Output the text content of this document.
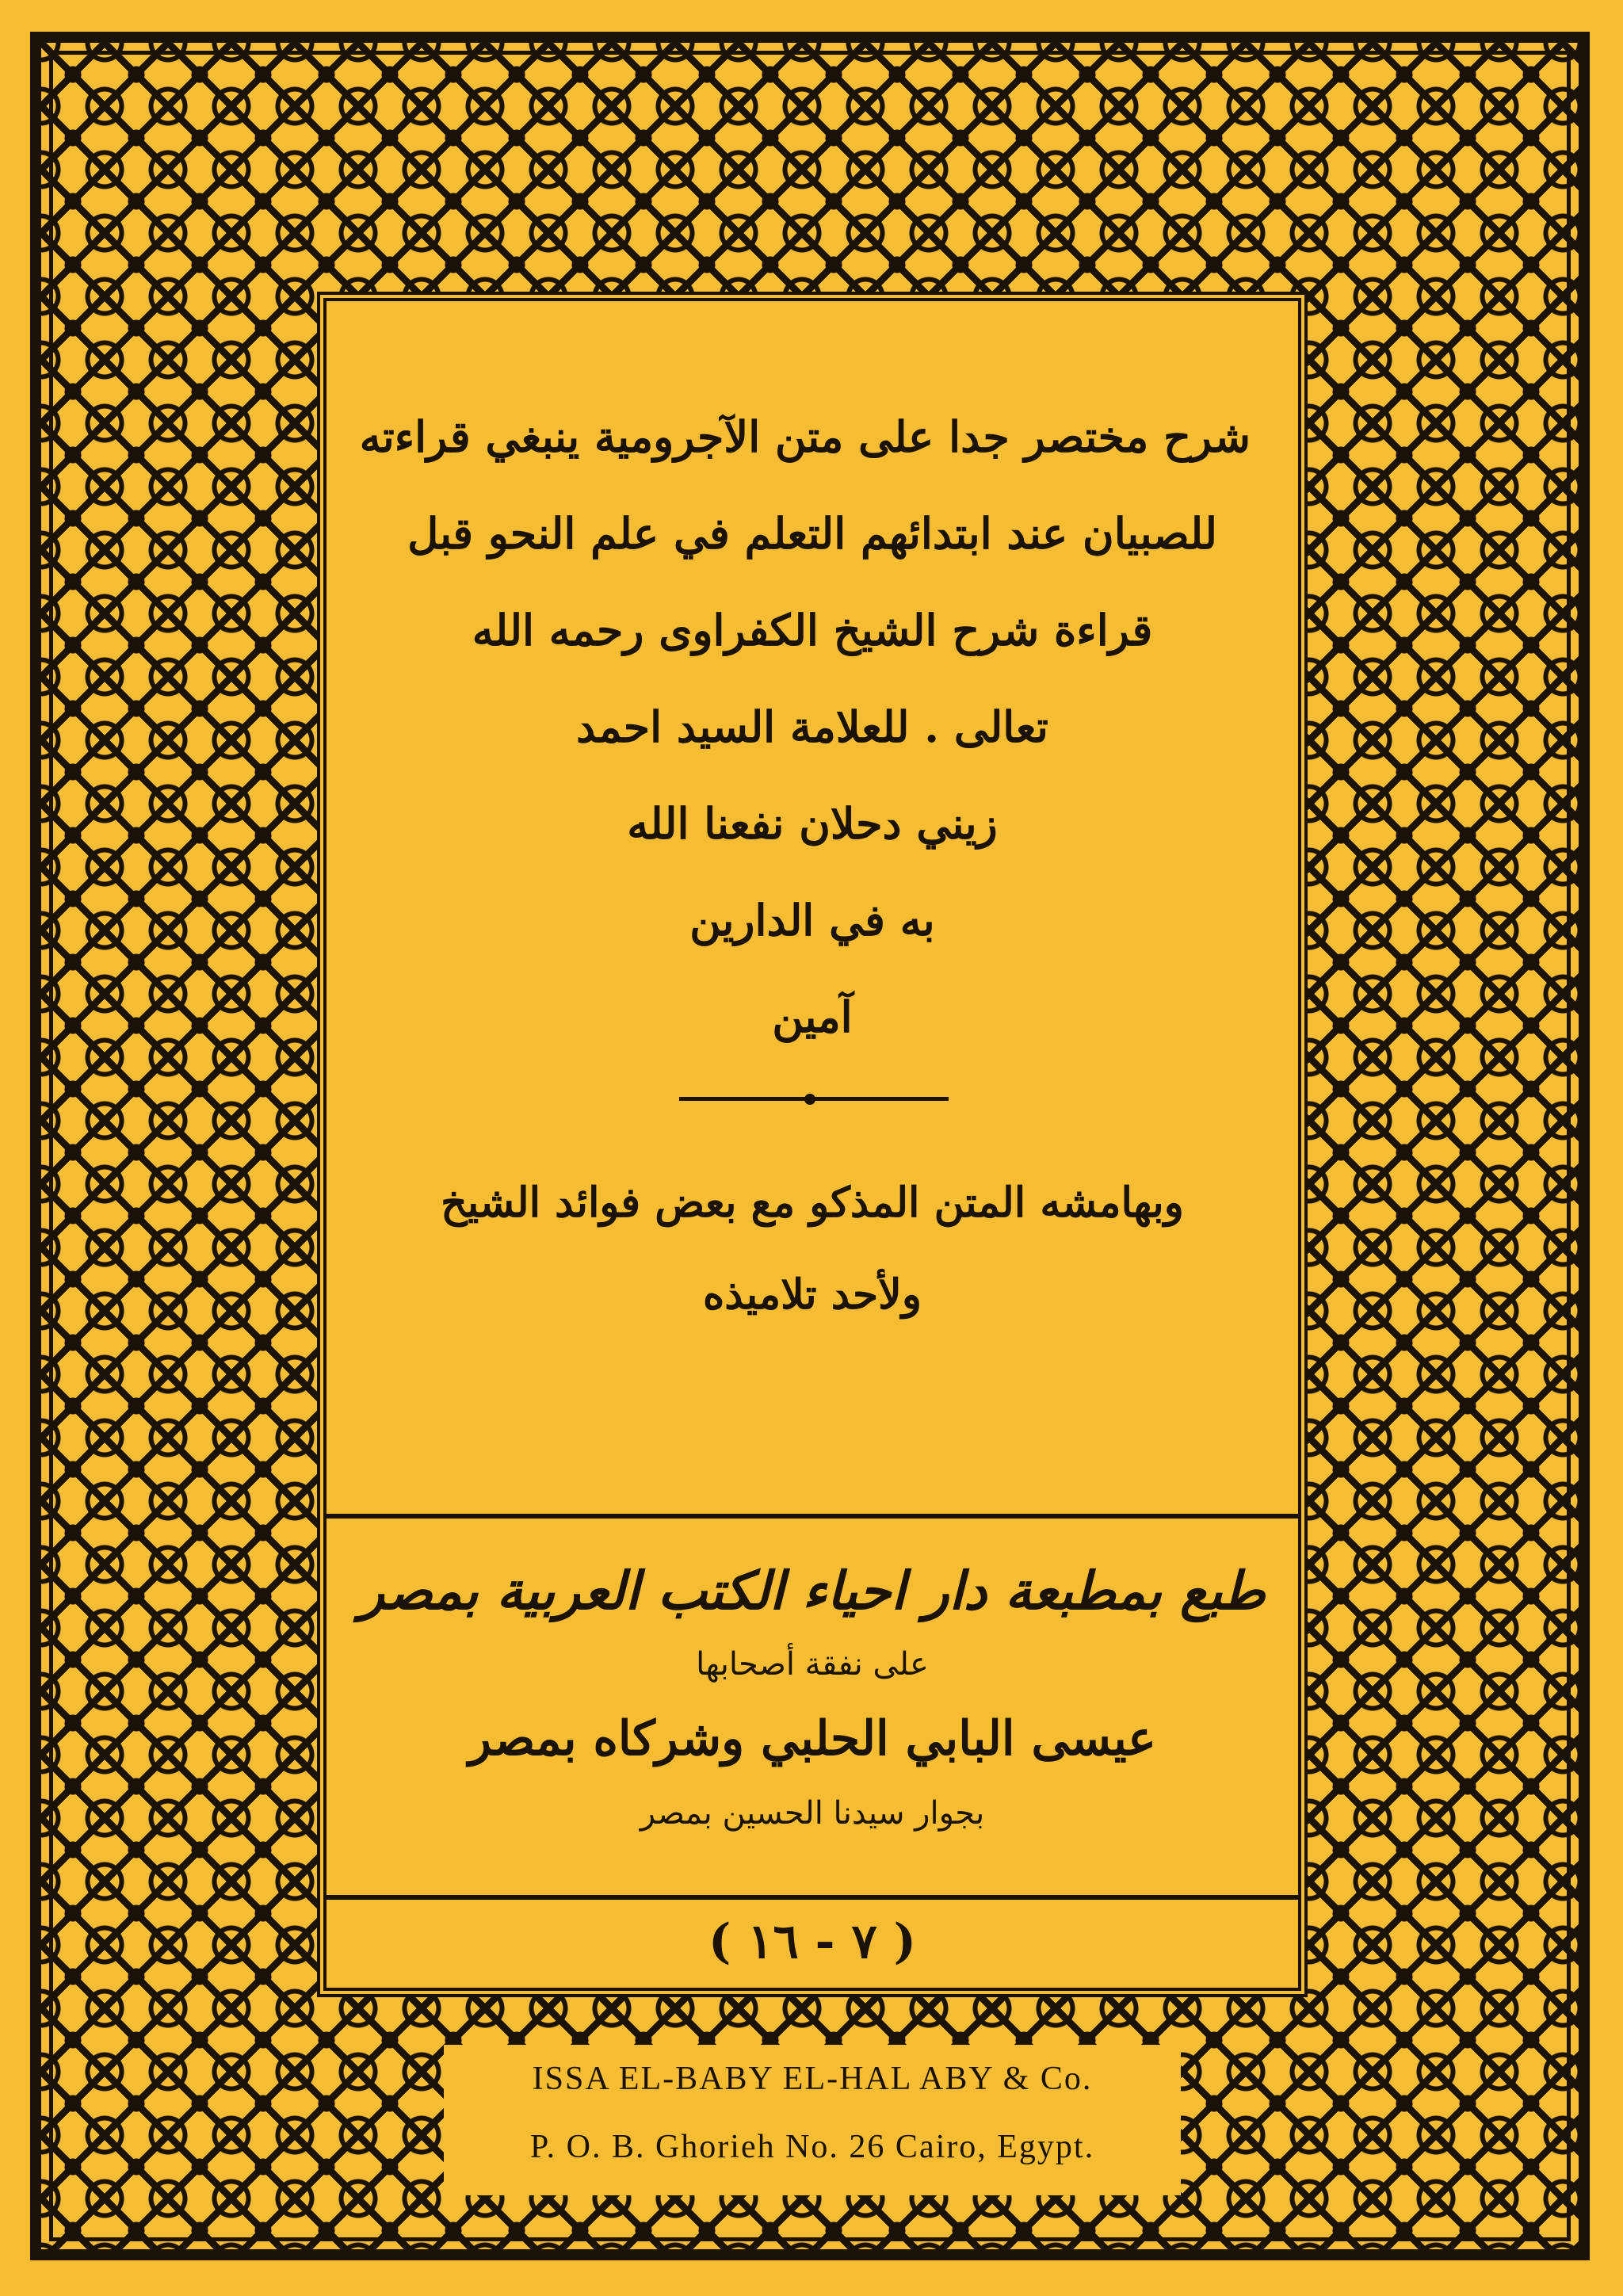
شرح مختصر جدا على متن الآجرومية ينبغي قراءته
للصبيان عند ابتدائهم التعلم في علم النحو قبل
قراءة شرح الشيخ الكفراوى رحمه الله
تعالى . للعلامة السيد احمد
زيني دحلان نفعنا الله
به في الدارين
آمين
وبهامشه المتن المذكو مع بعض فوائد الشيخ
ولأحد تلاميذه
طبع بمطبعة دار احياء الكتب العربية بمصر
على نفقة أصحابها
عيسى البابي الحلبي وشركاه بمصر
بجوار سيدنا الحسين بمصر
( ٧ - ١٦ )
ISSA EL-BABY EL-HAL ABY & Co.
P. O. B. Ghorieh No. 26 Cairo, Egypt.
